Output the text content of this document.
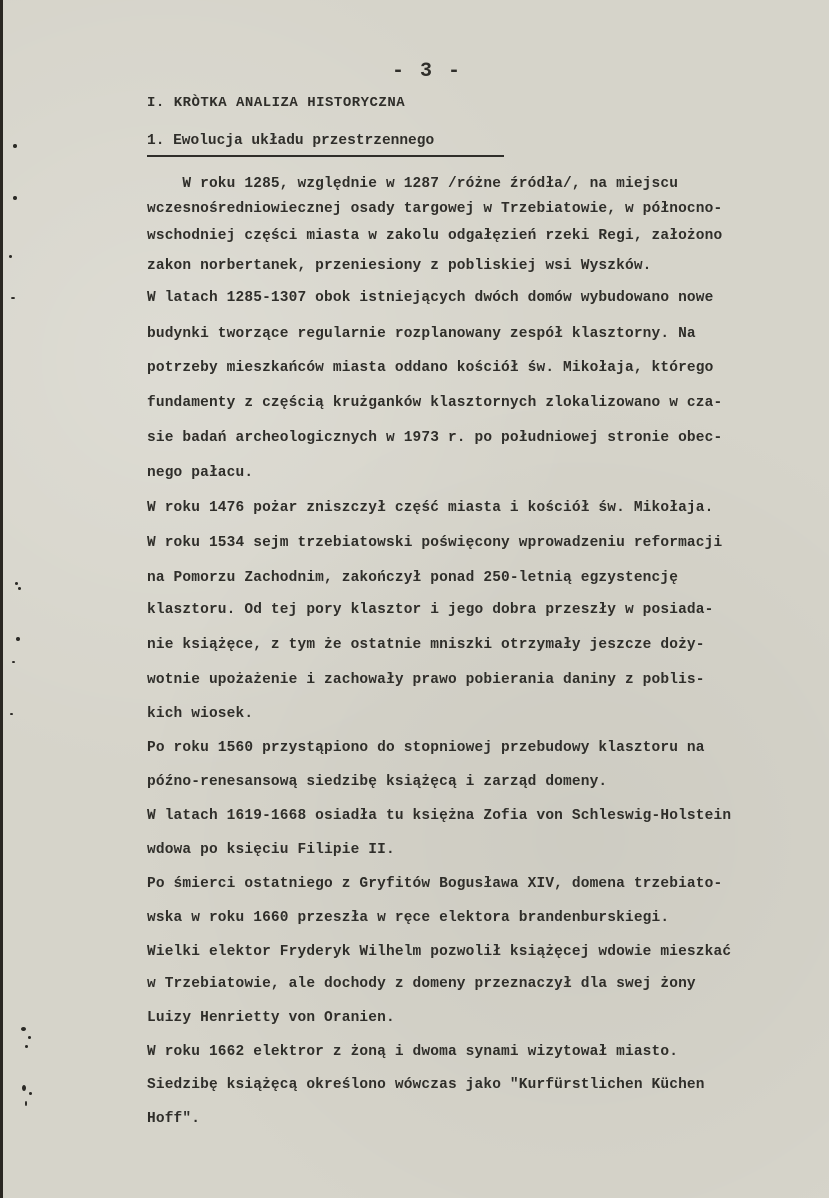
- 3 -
I. KRÒTKA ANALIZA HISTORYCZNA
1. Ewolucja układu przestrzennego
W roku 1285, względnie w 1287 /różne źródła/, na miejscu
wczesnośredniowiecznej osady targowej w Trzebiatowie, w północno-
wschodniej części miasta w zakolu odgałęzień rzeki Regi, założono
zakon norbertanek, przeniesiony z pobliskiej wsi Wyszków.
W latach 1285-1307 obok istniejących dwóch domów wybudowano nowe
budynki tworzące regularnie rozplanowany zespół klasztorny. Na
potrzeby mieszkańców miasta oddano kościół św. Mikołaja, którego
fundamenty z częścią krużganków klasztornych zlokalizowano w cza-
sie badań archeologicznych w 1973 r. po południowej stronie obec-
nego pałacu.
W roku 1476 pożar zniszczył część miasta i kościół św. Mikołaja.
W roku 1534 sejm trzebiatowski poświęcony wprowadzeniu reformacji
na Pomorzu Zachodnim, zakończył ponad 250-letnią egzystencję
klasztoru. Od tej pory klasztor i jego dobra przeszły w posiada-
nie książęce, z tym że ostatnie mniszki otrzymały jeszcze doży-
wotnie upożażenie i zachowały prawo pobierania daniny z poblis-
kich wiosek.
Po roku 1560 przystąpiono do stopniowej przebudowy klasztoru na
późno-renesansową siedzibę książęcą i zarząd domeny.
W latach 1619-1668 osiadła tu księżna Zofia von Schleswig-Holstein
wdowa po księciu Filipie II.
Po śmierci ostatniego z Gryfitów Bogusława XIV, domena trzebiato-
wska w roku 1660 przeszła w ręce elektora brandenburskiegi.
Wielki elektor Fryderyk Wilhelm pozwolił książęcej wdowie mieszkać
w Trzebiatowie, ale dochody z domeny przeznaczył dla swej żony
Luizy Henrietty von Oranien.
W roku 1662 elektror z żoną i dwoma synami wizytował miasto.
Siedzibę książęcą określono wówczas jako "Kurfürstlichen Küchen
Hoff".
